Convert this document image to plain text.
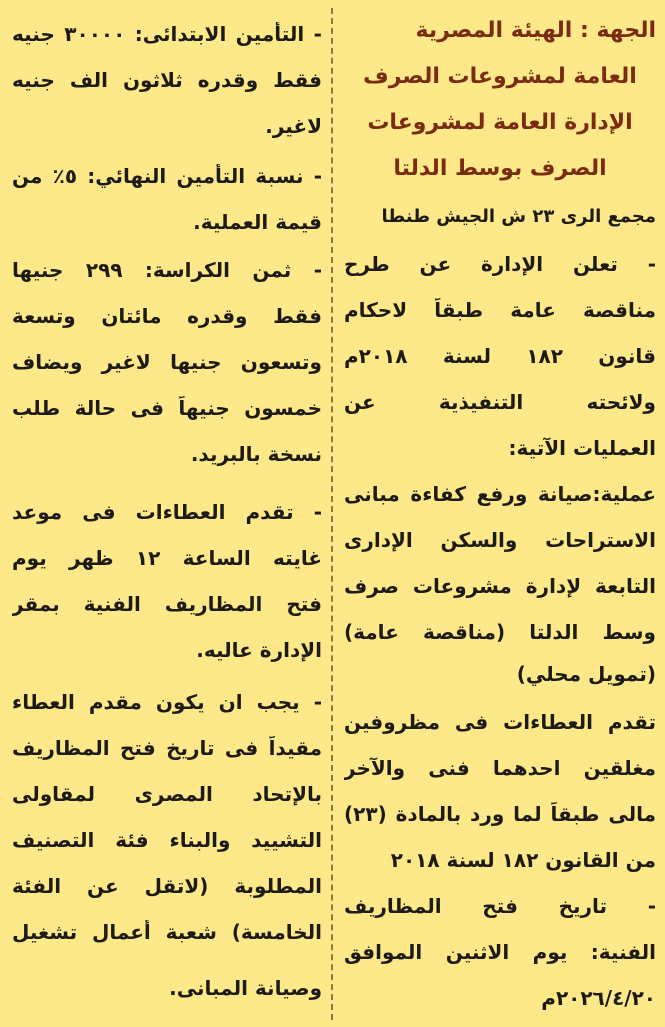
الجهة : الهيئة المصرية
العامة لمشروعات الصرف
الإدارة العامة لمشروعات
الصرف بوسط الدلتا
مجمع الرى ٢٣ ش الجيش طنطا
- تعلن الإدارة عن طرح
مناقصة عامة طبقاً لاحكام
قانون ١٨٢ لسنة ٢٠١٨م
ولائحته التنفيذية عن
العمليات الآتية:
عملية:صيانة ورفع كفاءة مبانى
الاستراحات والسكن الإدارى
التابعة لإدارة مشروعات صرف
وسط الدلتا (مناقصة عامة)
(تمويل محلي)
تقدم العطاءات فى مظروفين
مغلقين احدهما فنى والآخر
مالى طبقاً لما ورد بالمادة (٢٣)
من القانون ١٨٢ لسنة ٢٠١٨
- تاريخ فتح المظاريف
الفنية: يوم الاثنين الموافق
٢٠٢٦/٤/٢٠م
- التأمين الابتدائى: ٣٠٠٠٠ جنيه
فقط وقدره ثلاثون الف جنيه
لاغير.
- نسبة التأمين النهائي: ٥٪ من
قيمة العملية.
- ثمن الكراسة: ٢٩٩ جنيها
فقط وقدره مائتان وتسعة
وتسعون جنيها لاغير ويضاف
خمسون جنيهاً فى حالة طلب
نسخة بالبريد.
- تقدم العطاءات فى موعد
غايته الساعة ١٢ ظهر يوم
فتح المظاريف الفنية بمقر
الإدارة عاليه.
- يجب ان يكون مقدم العطاء
مقيداً فى تاريخ فتح المظاريف
بالإتحاد المصرى لمقاولى
التشييد والبناء فئة التصنيف
المطلوبة (لاتقل عن الفئة
الخامسة) شعبة أعمال تشغيل
وصيانة المبانى.
